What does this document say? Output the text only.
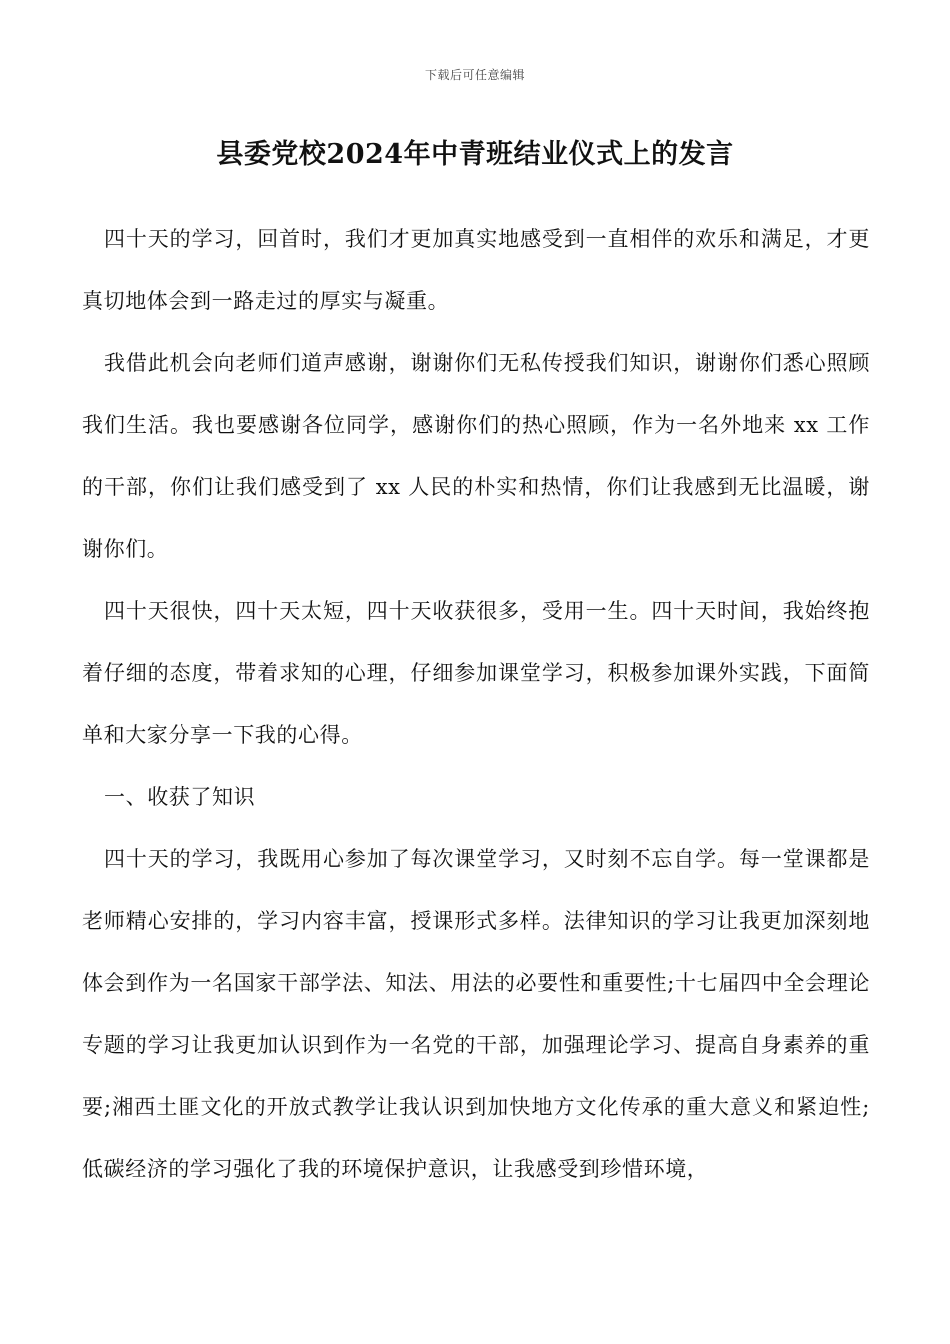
下载后可任意编辑
县委党校2024年中青班结业仪式上的发言

四十天的学习，回首时，我们才更加真实地感受到一直相伴的欢乐和满足，才更真切地体会到一路走过的厚实与凝重。

我借此机会向老师们道声感谢，谢谢你们无私传授我们知识，谢谢你们悉心照顾我们生活。我也要感谢各位同学，感谢你们的热心照顾，作为一名外地来 xx 工作的干部，你们让我们感受到了 xx 人民的朴实和热情，你们让我感到无比温暖，谢谢你们。

四十天很快，四十天太短，四十天收获很多，受用一生。四十天时间，我始终抱着仔细的态度，带着求知的心理，仔细参加课堂学习，积极参加课外实践，下面简单和大家分享一下我的心得。

一、收获了知识

四十天的学习，我既用心参加了每次课堂学习，又时刻不忘自学。每一堂课都是老师精心安排的，学习内容丰富，授课形式多样。法律知识的学习让我更加深刻地体会到作为一名国家干部学法、知法、用法的必要性和重要性;十七届四中全会理论专题的学习让我更加认识到作为一名党的干部，加强理论学习、提高自身素养的重要;湘西土匪文化的开放式教学让我认识到加快地方文化传承的重大意义和紧迫性;低碳经济的学习强化了我的环境保护意识，让我感受到珍惜环境，
